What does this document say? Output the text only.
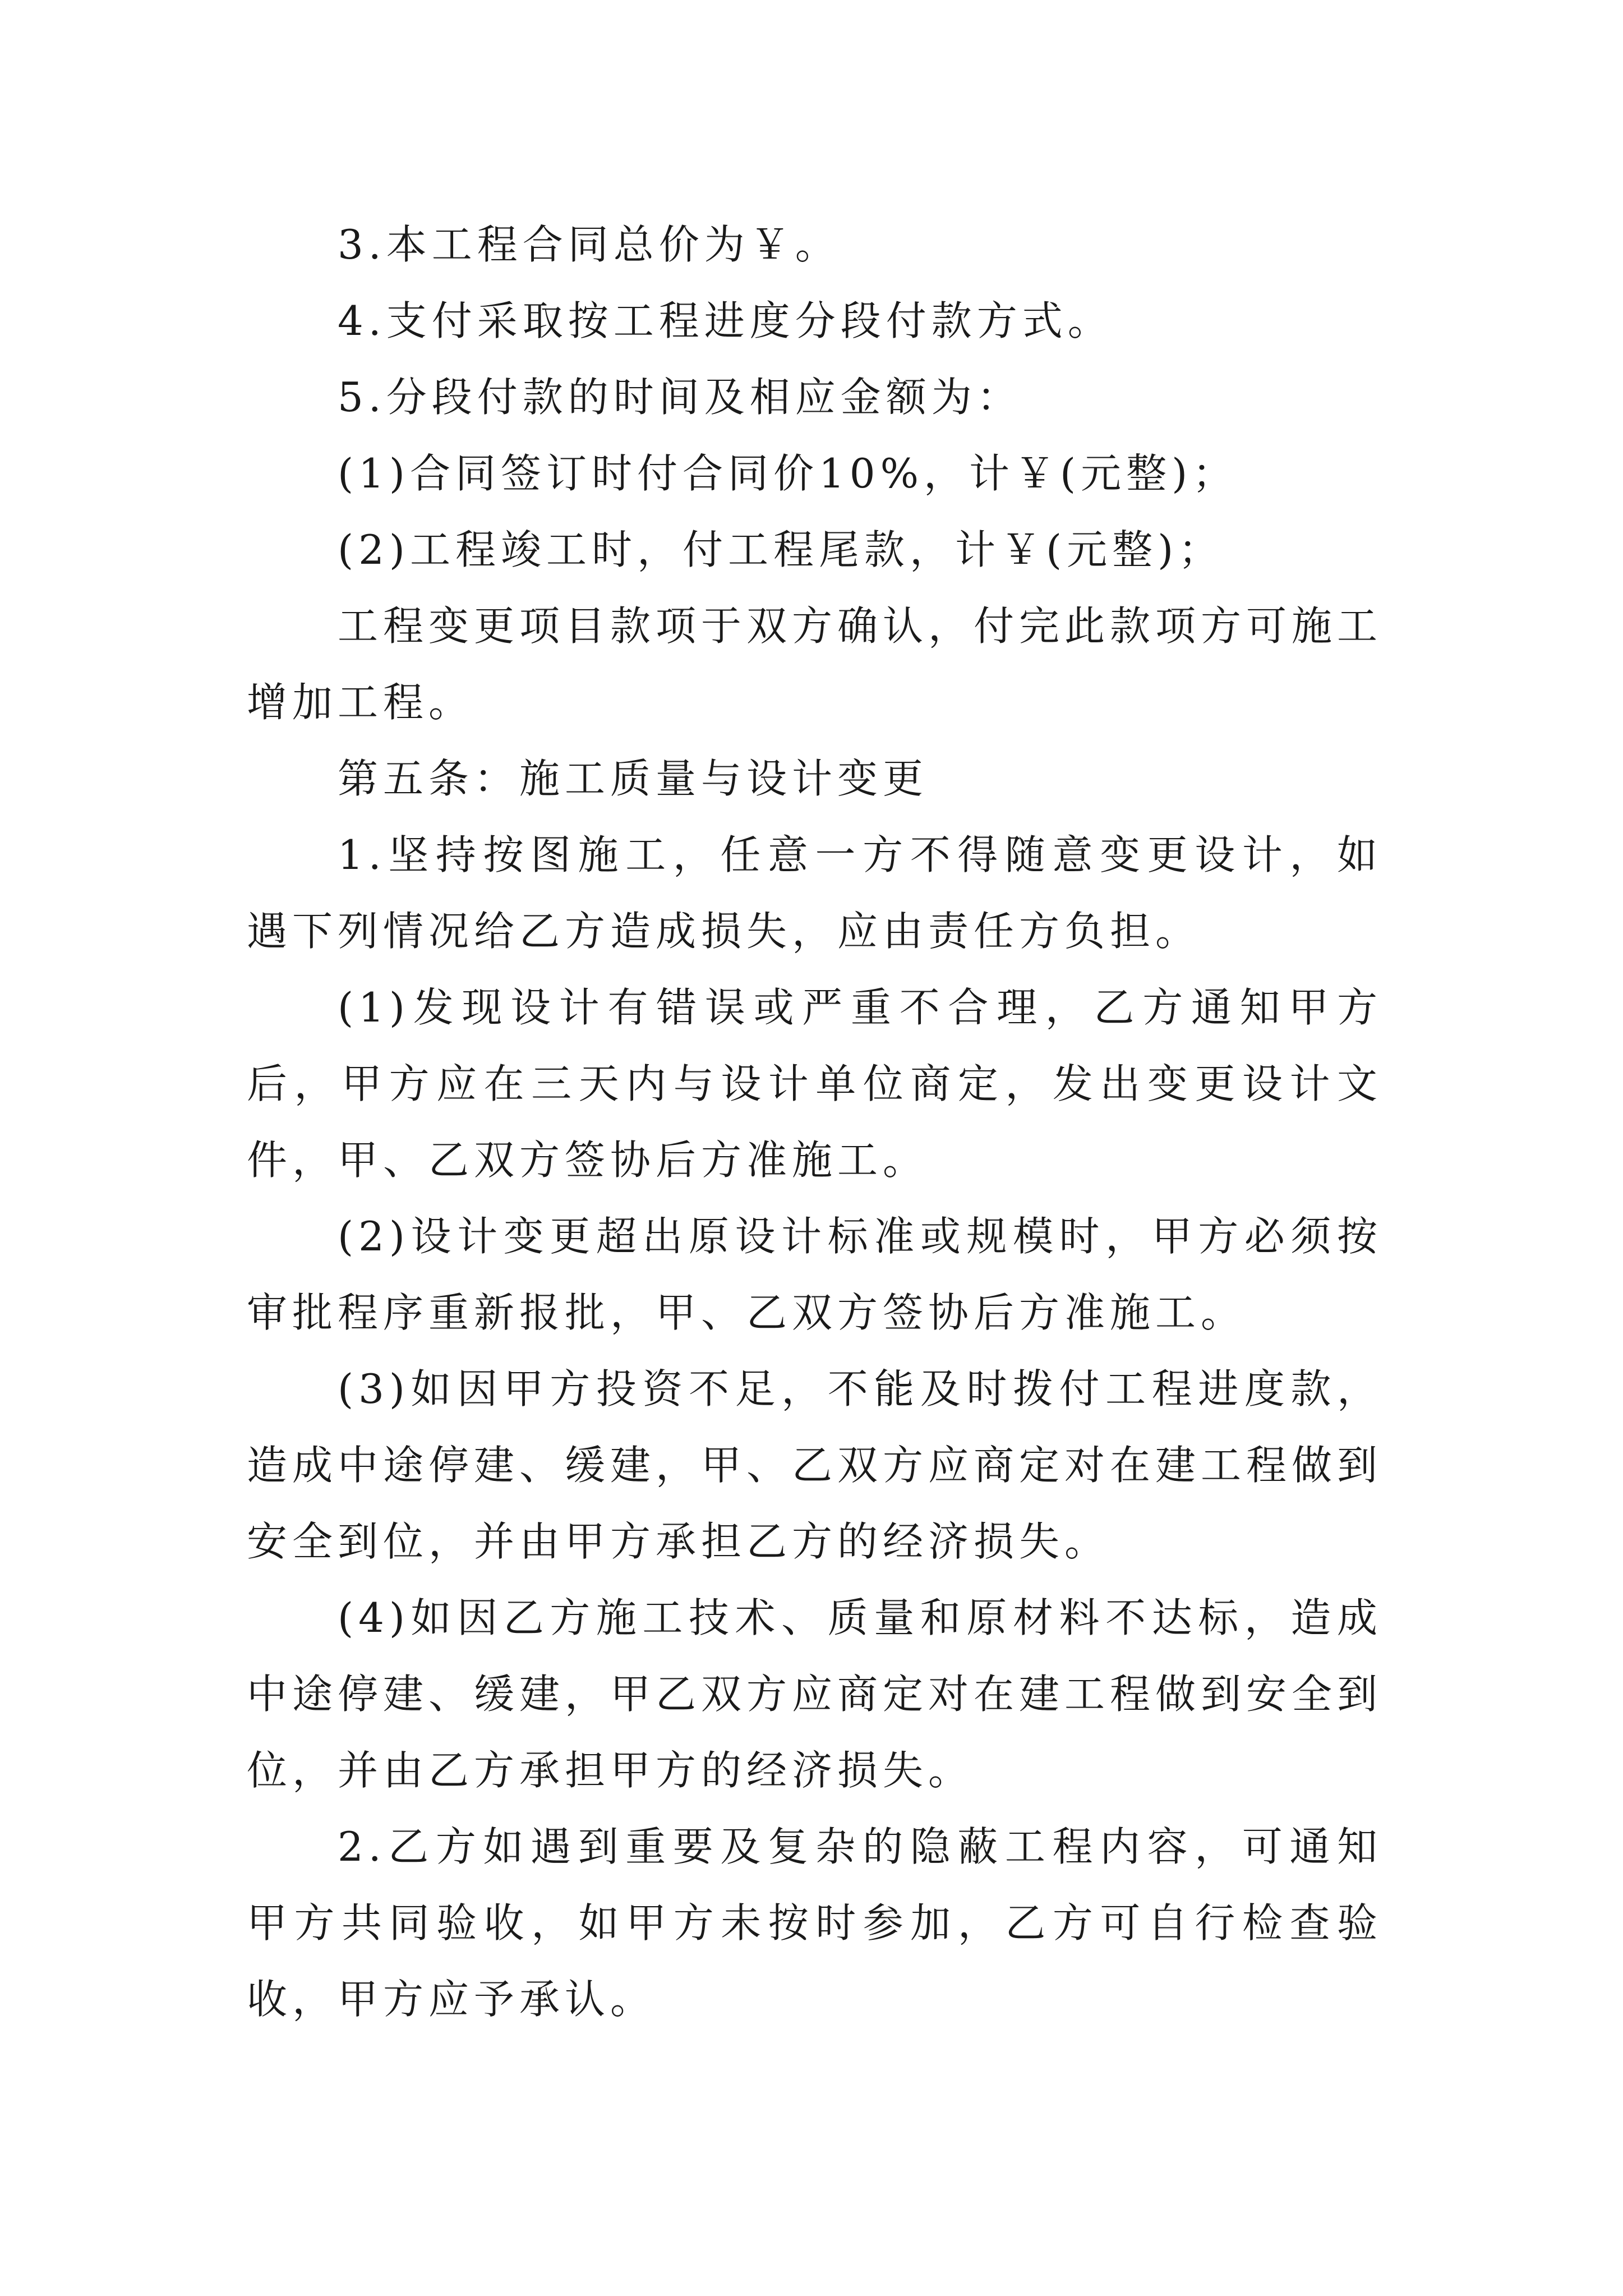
3.本工程合同总价为￥。

4.支付采取按工程进度分段付款方式。

5.分段付款的时间及相应金额为：

(1)合同签订时付合同价10%，计￥(元整)；

(2)工程竣工时，付工程尾款，计￥(元整)；

工程变更项目款项于双方确认，付完此款项方可施工增加工程。

第五条：施工质量与设计变更

1.坚持按图施工，任意一方不得随意变更设计，如遇下列情况给乙方造成损失，应由责任方负担。

(1)发现设计有错误或严重不合理，乙方通知甲方后，甲方应在三天内与设计单位商定，发出变更设计文件，甲、乙双方签协后方准施工。

(2)设计变更超出原设计标准或规模时，甲方必须按审批程序重新报批，甲、乙双方签协后方准施工。

(3)如因甲方投资不足，不能及时拨付工程进度款，造成中途停建、缓建，甲、乙双方应商定对在建工程做到安全到位，并由甲方承担乙方的经济损失。

(4)如因乙方施工技术、质量和原材料不达标，造成中途停建、缓建，甲乙双方应商定对在建工程做到安全到位，并由乙方承担甲方的经济损失。

2.乙方如遇到重要及复杂的隐蔽工程内容，可通知甲方共同验收，如甲方未按时参加，乙方可自行检查验收，甲方应予承认。
